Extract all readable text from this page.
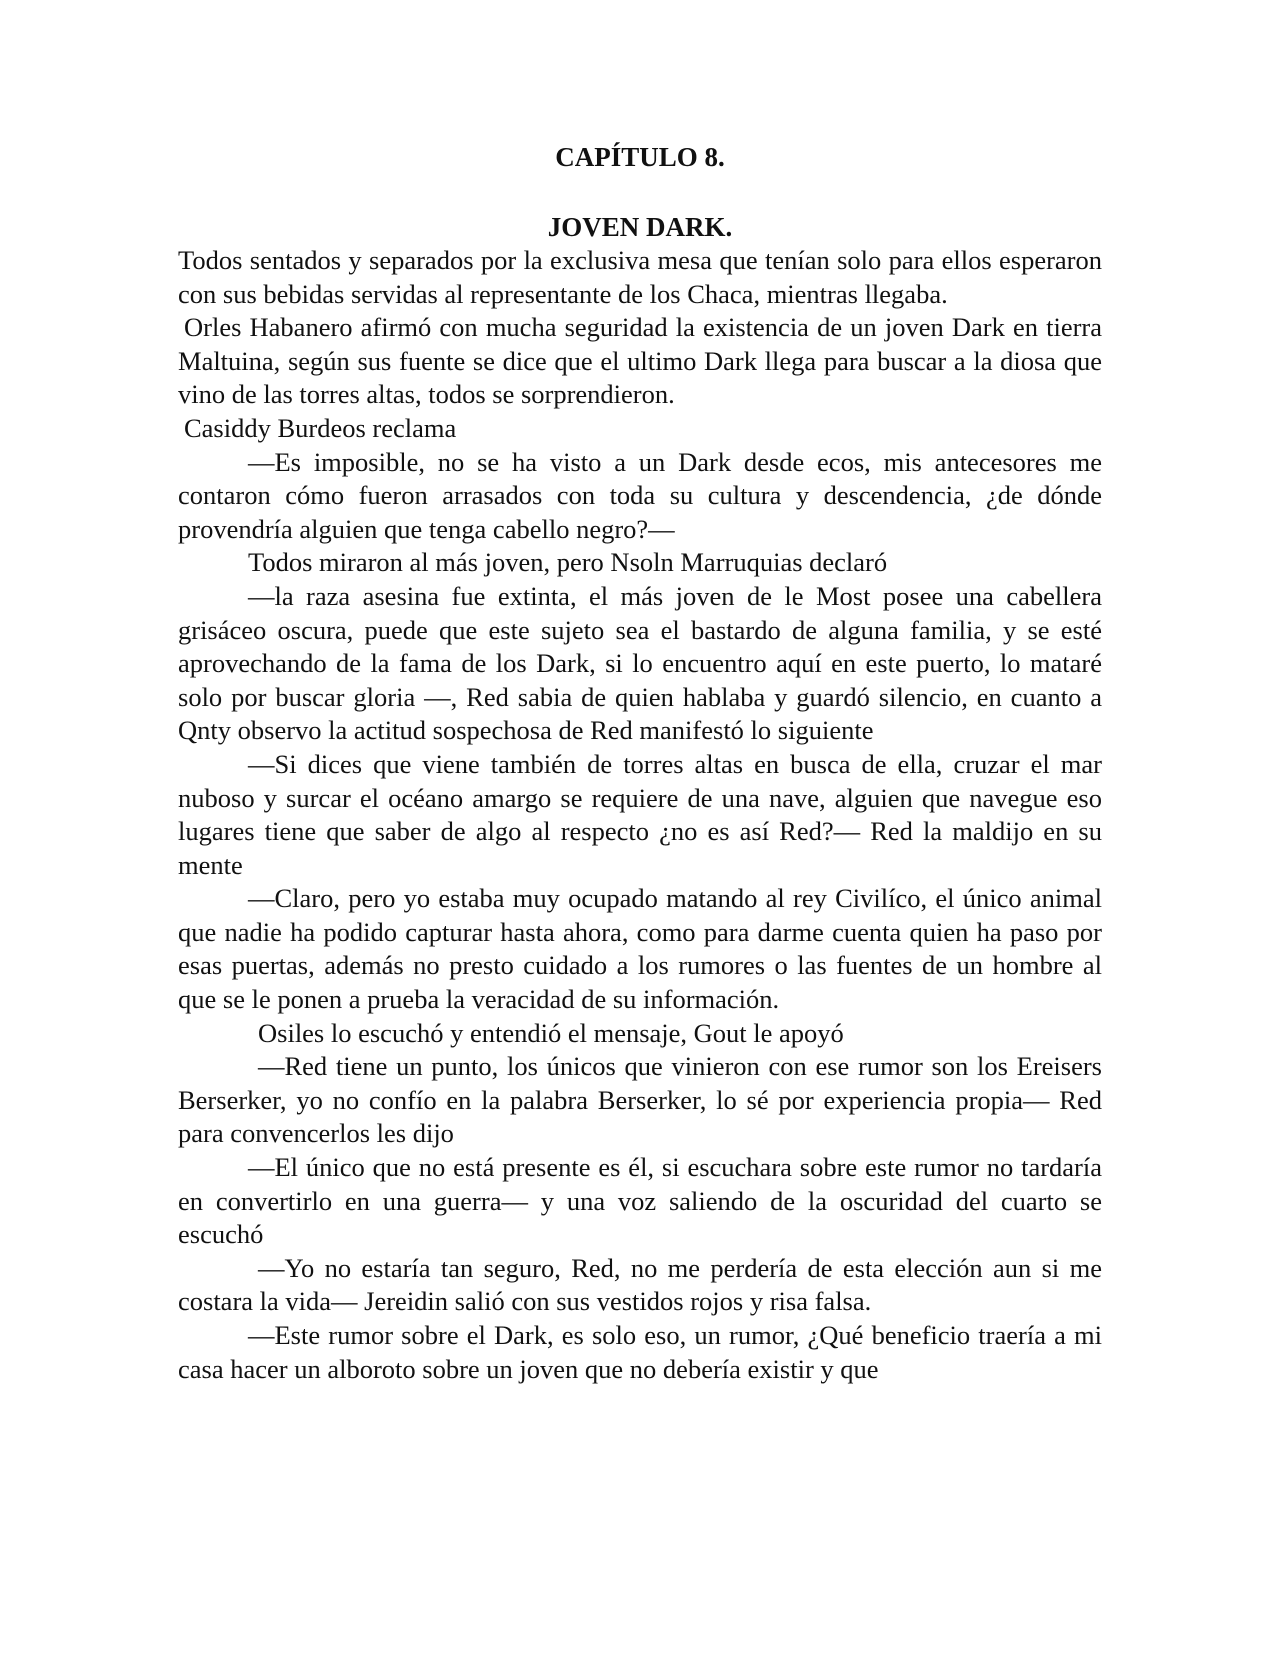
CAPÍTULO 8.
JOVEN DARK.

Todos sentados y separados por la exclusiva mesa que tenían solo para ellos esperaron con sus bebidas servidas al representante de los Chaca, mientras llegaba.

Orles Habanero afirmó con mucha seguridad la existencia de un joven Dark en tierra Maltuina, según sus fuente se dice que el ultimo Dark llega para buscar a la diosa que vino de las torres altas, todos se sorprendieron.

Casiddy Burdeos reclama

—Es imposible, no se ha visto a un Dark desde ecos, mis antecesores me contaron cómo fueron arrasados con toda su cultura y descendencia, ¿de dónde provendría alguien que tenga cabello negro?—

Todos miraron al más joven, pero Nsoln Marruquias declaró

—la raza asesina fue extinta, el más joven de le Most posee una cabellera grisáceo oscura, puede que este sujeto sea el bastardo de alguna familia, y se esté aprovechando de la fama de los Dark, si lo encuentro aquí en este puerto, lo mataré solo por buscar gloria —, Red sabia de quien hablaba y guardó silencio, en cuanto a Qnty observo la actitud sospechosa de Red manifestó lo siguiente

—Si dices que viene también de torres altas en busca de ella, cruzar el mar nuboso y surcar el océano amargo se requiere de una nave, alguien que navegue eso lugares tiene que saber de algo al respecto ¿no es así Red?— Red la maldijo en su mente

—Claro, pero yo estaba muy ocupado matando al rey Civilíco, el único animal que nadie ha podido capturar hasta ahora, como para darme cuenta quien ha paso por esas puertas, además no presto cuidado a los rumores o las fuentes de un hombre al que se le ponen a prueba la veracidad de su información.

Osiles lo escuchó y entendió el mensaje, Gout le apoyó

—Red tiene un punto, los únicos que vinieron con ese rumor son los Ereisers Berserker, yo no confío en la palabra Berserker, lo sé por experiencia propia— Red para convencerlos les dijo

—El único que no está presente es él, si escuchara sobre este rumor no tardaría en convertirlo en una guerra— y una voz saliendo de la oscuridad del cuarto se escuchó

—Yo no estaría tan seguro, Red, no me perdería de esta elección aun si me costara la vida— Jereidin salió con sus vestidos rojos y risa falsa.

—Este rumor sobre el Dark, es solo eso, un rumor, ¿Qué beneficio traería a mi casa hacer un alboroto sobre un joven que no debería existir y que
